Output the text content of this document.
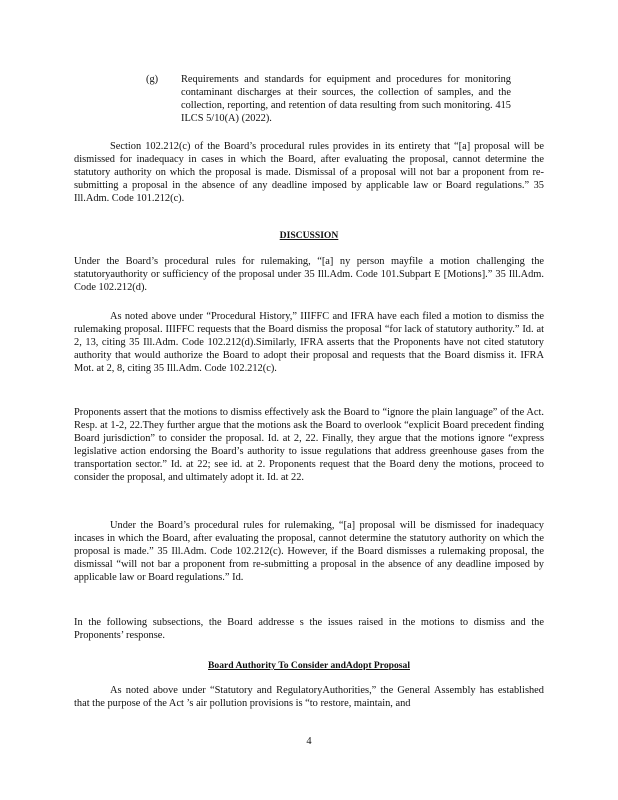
(g) Requirements and standards for equipment and procedures for monitoring contaminant discharges at their sources, the collection of samples, and the collection, reporting, and retention of data resulting from such monitoring. 415 ILCS 5/10(A) (2022).
Section 102.212(c) of the Board’s procedural rules provides in its entirety that “[a] proposal will be dismissed for inadequacy in cases in which the Board, after evaluating the proposal, cannot determine the statutory authority on which the proposal is made. Dismissal of a proposal will not bar a proponent from re-submitting a proposal in the absence of any deadline imposed by applicable law or Board regulations.” 35 Ill.Adm. Code 101.212(c).
DISCUSSION
Under the Board’s procedural rules for rulemaking, “[a] ny person mayfile a motion challenging the statutoryauthority or sufficiency of the proposal under 35 Ill.Adm. Code 101.Subpart E [Motions].” 35 Ill.Adm. Code 102.212(d).
As noted above under “Procedural History,” IIIFFC and IFRA have each filed a motion to dismiss the rulemaking proposal. IIIFFC requests that the Board dismiss the proposal “for lack of statutory authority.” Id. at 2, 13, citing 35 Ill.Adm. Code 102.212(d).Similarly, IFRA asserts that the Proponents have not cited statutory authority that would authorize the Board to adopt their proposal and requests that the Board dismiss it. IFRA Mot. at 2, 8, citing 35 Ill.Adm. Code 102.212(c).
Proponents assert that the motions to dismiss effectively ask the Board to “ignore the plain language” of the Act. Resp. at 1-2, 22.They further argue that the motions ask the Board to overlook “explicit Board precedent finding Board jurisdiction” to consider the proposal. Id. at 2, 22. Finally, they argue that the motions ignore “express legislative action endorsing the Board’s authority to issue regulations that address greenhouse gases from the transportation sector.” Id. at 22; see id. at 2. Proponents request that the Board deny the motions, proceed to consider the proposal, and ultimately adopt it. Id. at 22.
Under the Board’s procedural rules for rulemaking, “[a] proposal will be dismissed for inadequacy incases in which the Board, after evaluating the proposal, cannot determine the statutory authority on which the proposal is made.” 35 Ill.Adm. Code 102.212(c). However, if the Board dismisses a rulemaking proposal, the dismissal “will not bar a proponent from re-submitting a proposal in the absence of any deadline imposed by applicable law or Board regulations.” Id.
In the following subsections, the Board addresse s the issues raised in the motions to dismiss and the Proponents’ response.
Board Authority To Consider andAdopt Proposal
As noted above under “Statutory and RegulatoryAuthorities,” the General Assembly has established that the purpose of the Act ’s air pollution provisions is “to restore, maintain, and
4
